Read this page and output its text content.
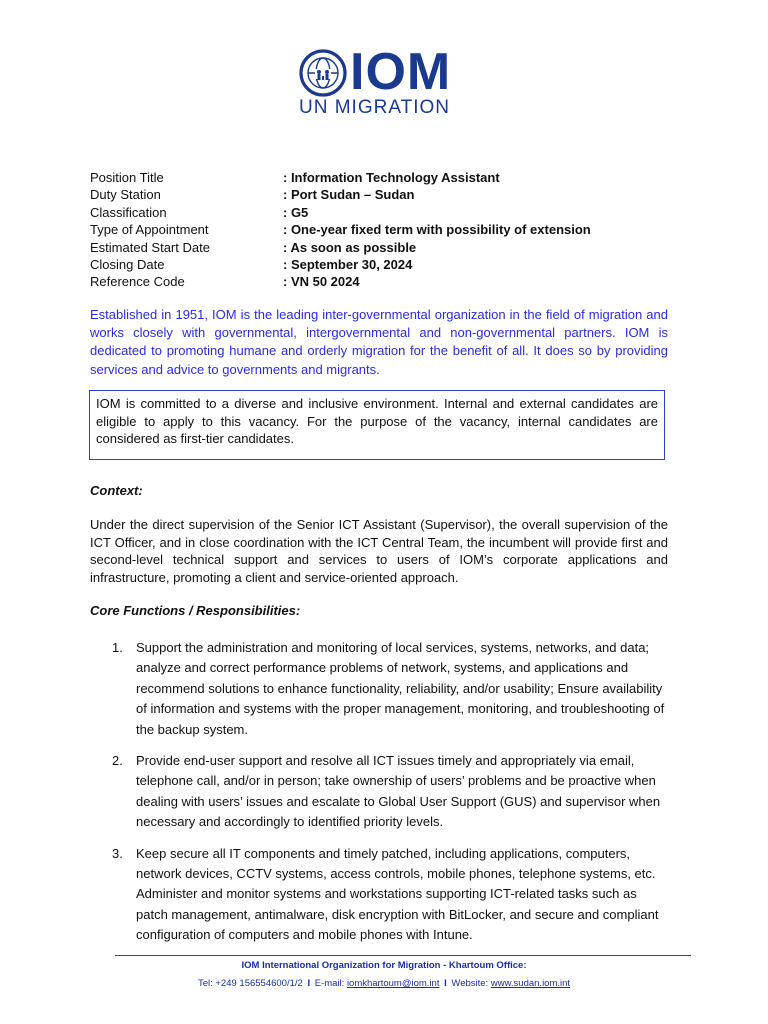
IOM
UN MIGRATION
Position Title	: Information Technology Assistant
Duty Station	: Port Sudan – Sudan
Classification	: G5
Type of Appointment	: One-year fixed term with possibility of extension
Estimated Start Date	: As soon as possible
Closing Date	: September 30, 2024
Reference Code	: VN 50 2024
Established in 1951, IOM is the leading inter-governmental organization in the field of migration and works closely with governmental, intergovernmental and non-governmental partners. IOM is dedicated to promoting humane and orderly migration for the benefit of all. It does so by providing services and advice to governments and migrants.
IOM is committed to a diverse and inclusive environment. Internal and external candidates are eligible to apply to this vacancy. For the purpose of the vacancy, internal candidates are considered as first-tier candidates.
Context:
Under the direct supervision of the Senior ICT Assistant (Supervisor), the overall supervision of the ICT Officer, and in close coordination with the ICT Central Team, the incumbent will provide first and second-level technical support and services to users of IOM’s corporate applications and infrastructure, promoting a client and service-oriented approach.
Core Functions / Responsibilities:
1.	Support the administration and monitoring of local services, systems, networks, and data; analyze and correct performance problems of network, systems, and applications and recommend solutions to enhance functionality, reliability, and/or usability; Ensure availability of information and systems with the proper management, monitoring, and troubleshooting of the backup system.
2.	Provide end-user support and resolve all ICT issues timely and appropriately via email, telephone call, and/or in person; take ownership of users’ problems and be proactive when dealing with users’ issues and escalate to Global User Support (GUS) and supervisor when necessary and accordingly to identified priority levels.
3.	Keep secure all IT components and timely patched, including applications, computers, network devices, CCTV systems, access controls, mobile phones, telephone systems, etc. Administer and monitor systems and workstations supporting ICT-related tasks such as patch management, antimalware, disk encryption with BitLocker, and secure and compliant configuration of computers and mobile phones with Intune.
IOM International Organization for Migration - Khartoum Office:
Tel: +249 156554600/1/2 I E-mail: iomkhartoum@iom.int I Website: www.sudan.iom.int
